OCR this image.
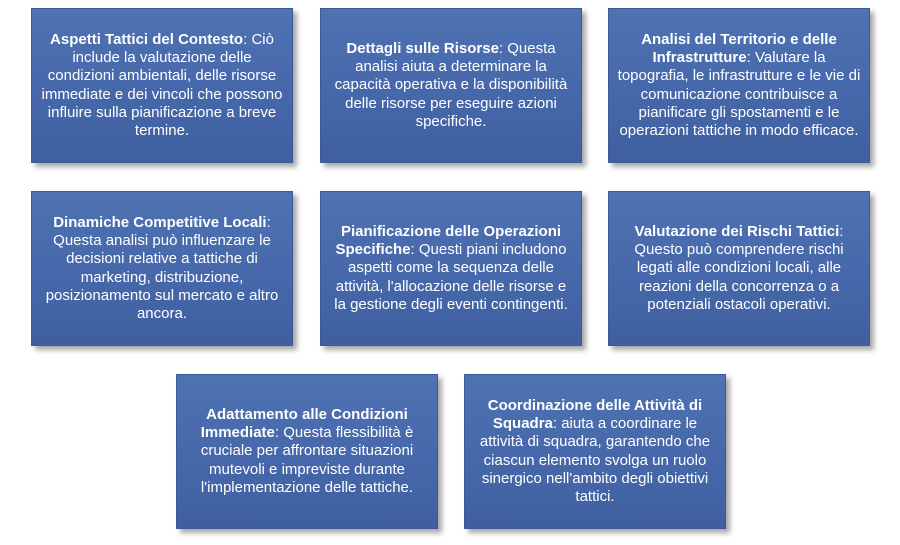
Aspetti Tattici del Contesto: Ciò include la valutazione delle condizioni ambientali, delle risorse immediate e dei vincoli che possono influire sulla pianificazione a breve termine.

Dettagli sulle Risorse: Questa analisi aiuta a determinare la capacità operativa e la disponibilità delle risorse per eseguire azioni specifiche.

Analisi del Territorio e delle Infrastrutture: Valutare la topografia, le infrastrutture e le vie di comunicazione contribuisce a pianificare gli spostamenti e le operazioni tattiche in modo efficace.

Dinamiche Competitive Locali: Questa analisi può influenzare le decisioni relative a tattiche di marketing, distribuzione, posizionamento sul mercato e altro ancora.

Pianificazione delle Operazioni Specifiche: Questi piani includono aspetti come la sequenza delle attività, l'allocazione delle risorse e la gestione degli eventi contingenti.

Valutazione dei Rischi Tattici: Questo può comprendere rischi legati alle condizioni locali, alle reazioni della concorrenza o a potenziali ostacoli operativi.

Adattamento alle Condizioni Immediate: Questa flessibilità è cruciale per affrontare situazioni mutevoli e impreviste durante l'implementazione delle tattiche.

Coordinazione delle Attività di Squadra: aiuta a coordinare le attività di squadra, garantendo che ciascun elemento svolga un ruolo sinergico nell'ambito degli obiettivi tattici.
